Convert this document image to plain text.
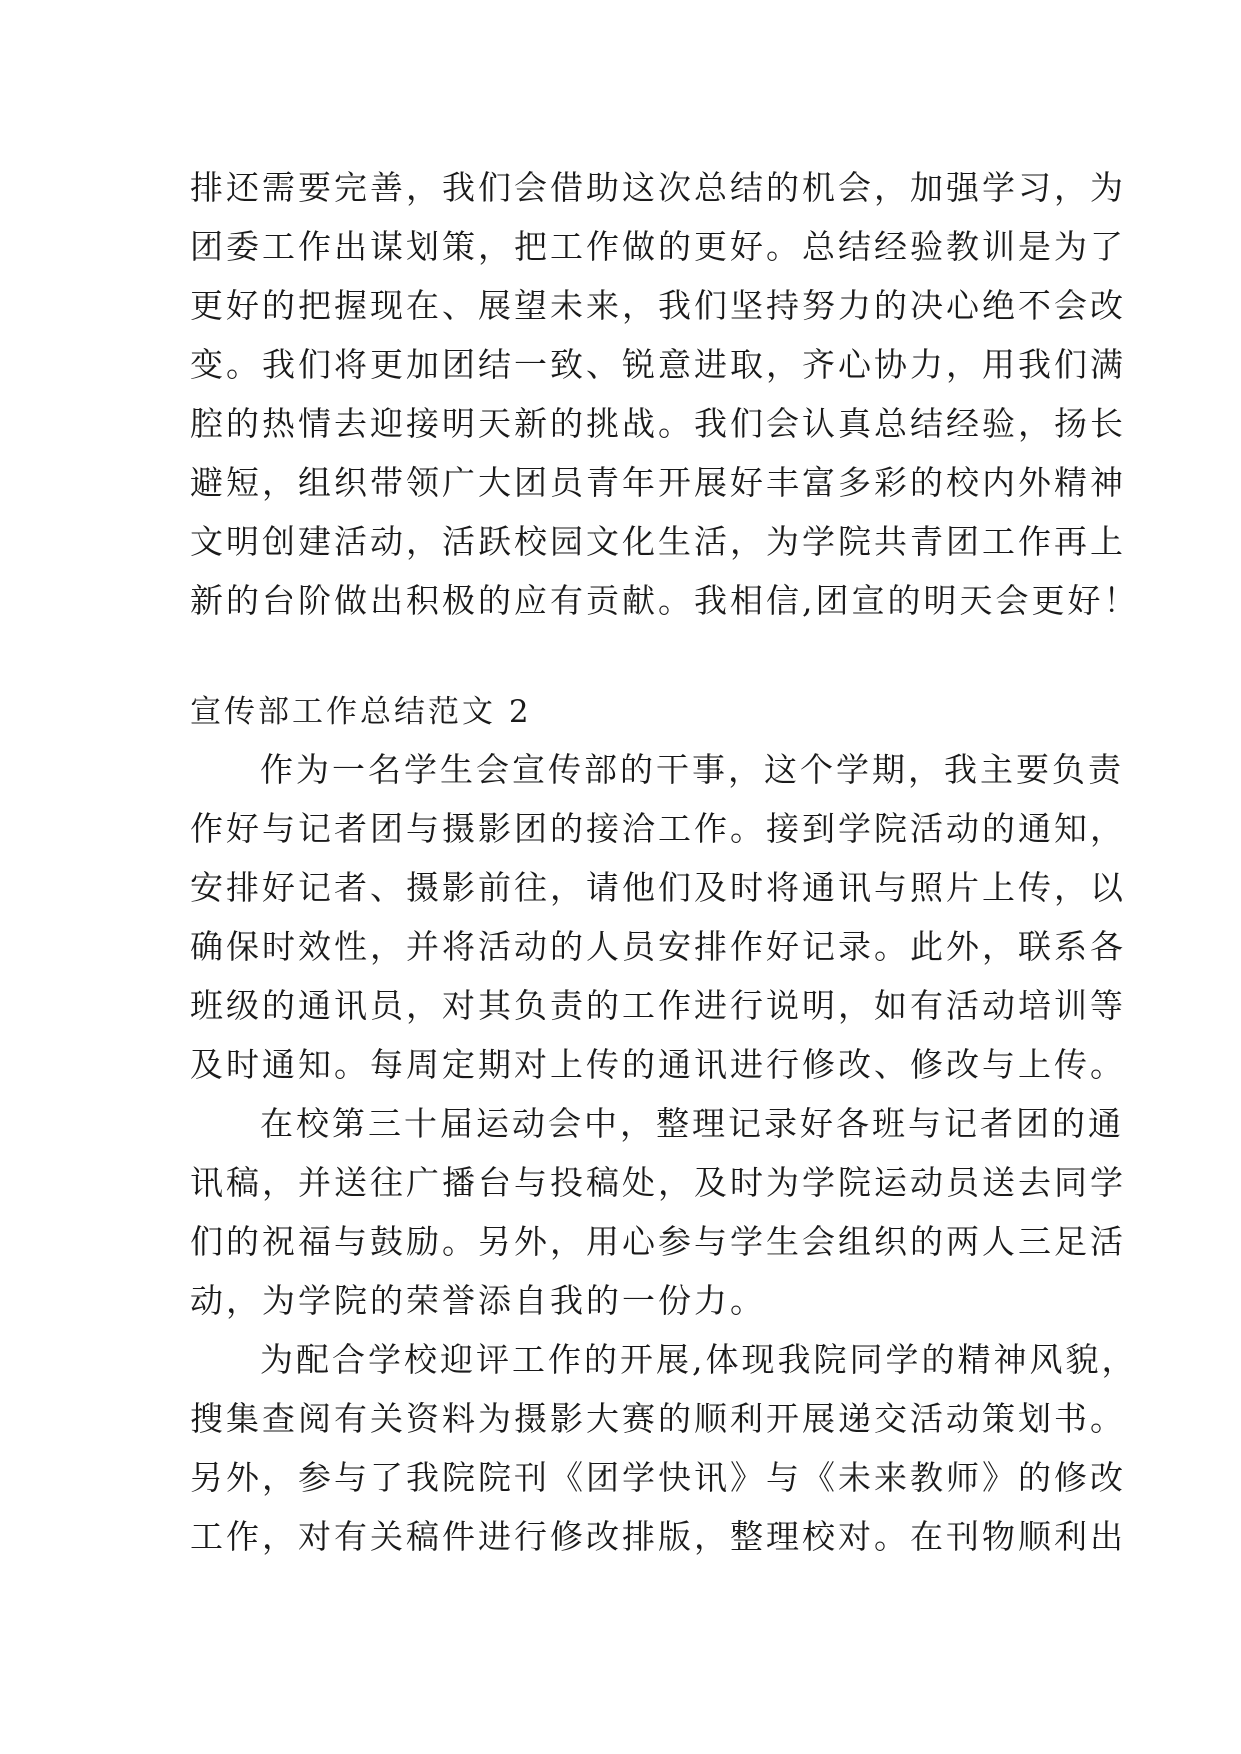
排还需要完善，我们会借助这次总结的机会，加强学习，为
团委工作出谋划策，把工作做的更好。总结经验教训是为了
更好的把握现在、展望未来，我们坚持努力的决心绝不会改
变。我们将更加团结一致、锐意进取，齐心协力，用我们满
腔的热情去迎接明天新的挑战。我们会认真总结经验，扬长
避短，组织带领广大团员青年开展好丰富多彩的校内外精神
文明创建活动，活跃校园文化生活，为学院共青团工作再上
新的台阶做出积极的应有贡献。我相信,团宣的明天会更好！
宣传部工作总结范文 2
作为一名学生会宣传部的干事，这个学期，我主要负责
作好与记者团与摄影团的接洽工作。接到学院活动的通知，
安排好记者、摄影前往，请他们及时将通讯与照片上传，以
确保时效性，并将活动的人员安排作好记录。此外，联系各
班级的通讯员，对其负责的工作进行说明，如有活动培训等
及时通知。每周定期对上传的通讯进行修改、修改与上传。
在校第三十届运动会中，整理记录好各班与记者团的通
讯稿，并送往广播台与投稿处，及时为学院运动员送去同学
们的祝福与鼓励。另外，用心参与学生会组织的两人三足活
动，为学院的荣誉添自我的一份力。
为配合学校迎评工作的开展,体现我院同学的精神风貌，
搜集查阅有关资料为摄影大赛的顺利开展递交活动策划书。
另外，参与了我院院刊《团学快讯》与《未来教师》的修改
工作，对有关稿件进行修改排版，整理校对。在刊物顺利出
